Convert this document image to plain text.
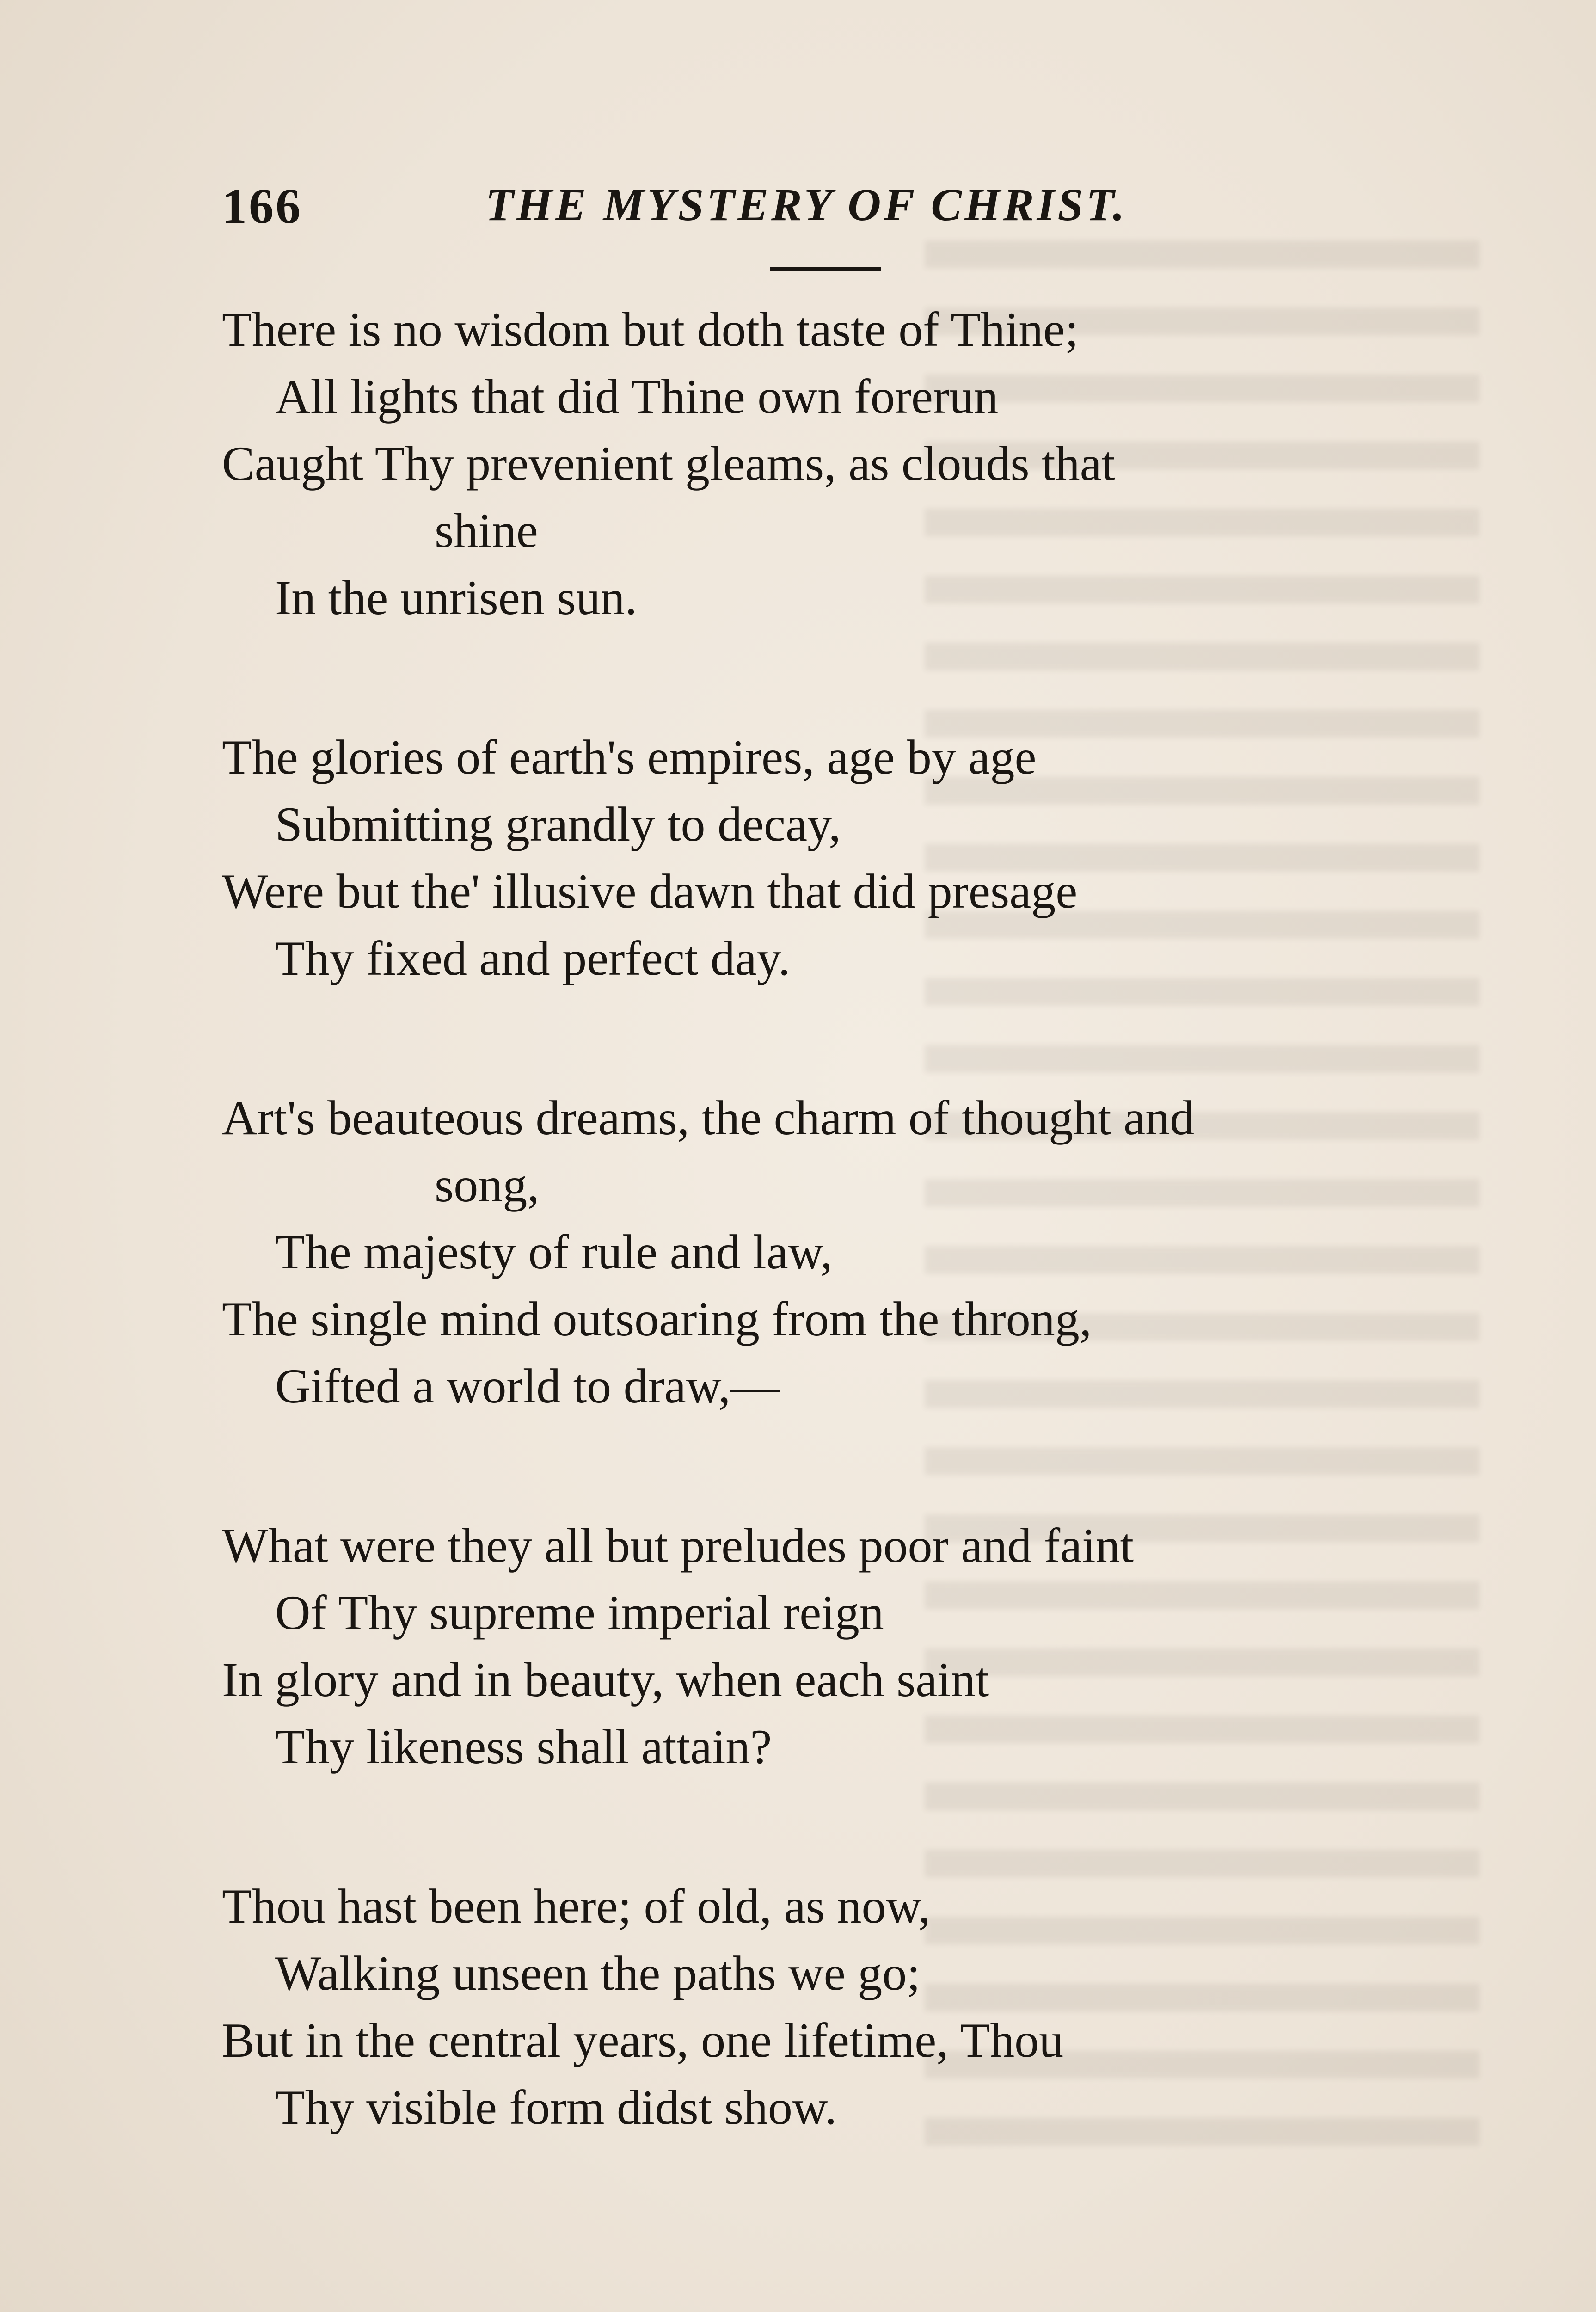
166	THE MYSTERY OF CHRIST.
There is no wisdom but doth taste of Thine;
All lights that did Thine own forerun
Caught Thy prevenient gleams, as clouds that
shine
In the unrisen sun.
The glories of earth's empires, age by age
Submitting grandly to decay,
Were but the' illusive dawn that did presage
Thy fixed and perfect day.
Art's beauteous dreams, the charm of thought and
song,
The majesty of rule and law,
The single mind outsoaring from the throng,
Gifted a world to draw,—
What were they all but preludes poor and faint
Of Thy supreme imperial reign
In glory and in beauty, when each saint
Thy likeness shall attain?
Thou hast been here; of old, as now,
Walking unseen the paths we go;
But in the central years, one lifetime, Thou
Thy visible form didst show.
